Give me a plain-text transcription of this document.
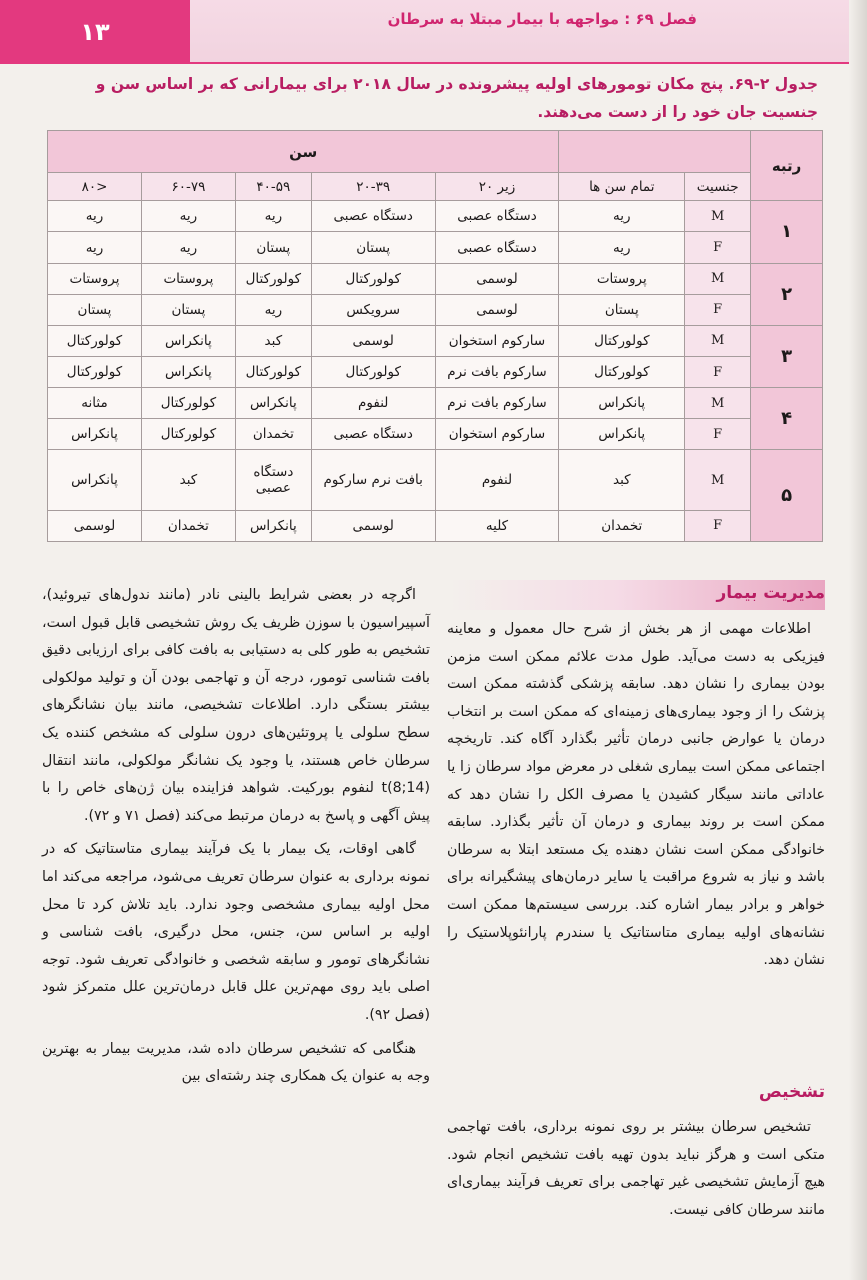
۱۳	فصل ۶۹ : مواجهه با بیمار مبتلا به سرطان
جدول ۲-۶۹. پنج مکان تومورهای اولیه پیشرونده در سال ۲۰۱۸ برای بیمارانی که بر اساس سن و جنسیت جان خود را از دست می‌دهند.
رتبه			سن				
	جنسیت	تمام سن ها	زیر ۲۰	۲۰-۳۹	۴۰-۵۹	۶۰-۷۹	<۸۰
۱	M	ریه	دستگاه عصبی	دستگاه عصبی	ریه	ریه	ریه
	F	ریه	دستگاه عصبی	پستان	پستان	ریه	ریه
۲	M	پروستات	لوسمی	کولورکتال	کولورکتال	پروستات	پروستات
	F	پستان	لوسمی	سرویکس	ریه	پستان	پستان
۳	M	کولورکتال	سارکوم استخوان	لوسمی	کبد	پانکراس	کولورکتال
	F	کولورکتال	سارکوم بافت نرم	کولورکتال	کولورکتال	پانکراس	کولورکتال
۴	M	پانکراس	سارکوم بافت نرم	لنفوم	پانکراس	کولورکتال	مثانه
	F	پانکراس	سارکوم استخوان	دستگاه عصبی	تخمدان	کولورکتال	پانکراس
۵	M	کبد	لنفوم	بافت نرم سارکوم	دستگاه عصبی	کبد	پانکراس
	F	تخمدان	کلیه	لوسمی	پانکراس	تخمدان	لوسمی
مدیریت بیمار

اطلاعات مهمی از هر بخش از شرح حال معمول و معاینه فیزیکی به دست می‌آید. طول مدت علائم ممکن است مزمن بودن بیماری را نشان دهد. سابقه پزشکی گذشته ممکن است پزشک را از وجود بیماری‌های زمینه‌ای که ممکن است بر انتخاب درمان یا عوارض جانبی درمان تأثیر بگذارد آگاه کند. تاریخچه اجتماعی ممکن است بیماری شغلی در معرض مواد سرطان زا یا عاداتی مانند سیگار کشیدن یا مصرف الکل را نشان دهد که ممکن است بر روند بیماری و درمان آن تأثیر بگذارد. سابقه خانوادگی ممکن است نشان دهنده یک مستعد ابتلا به سرطان باشد و نیاز به شروع مراقبت یا سایر درمان‌های پیشگیرانه برای خواهر و برادر بیمار اشاره کند. بررسی سیستم‌ها ممکن است نشانه‌های اولیه بیماری متاستاتیک یا سندرم پارانئوپلاستیک را نشان دهد.

تشخیص

تشخیص سرطان بیشتر بر روی نمونه برداری، بافت تهاجمی متکی است و هرگز نباید بدون تهیه بافت تشخیص انجام شود. هیچ آزمایش تشخیصی غیر تهاجمی برای تعریف فرآیند بیماری‌ای مانند سرطان کافی نیست.

اگرچه در بعضی شرایط بالینی نادر (مانند ندول‌های تیروئید)، آسپیراسیون با سوزن ظریف یک روش تشخیصی قابل قبول است، تشخیص به طور کلی به دستیابی به بافت کافی برای ارزیابی دقیق بافت شناسی تومور، درجه آن و تهاجمی بودن آن و تولید مولکولی بیشتر بستگی دارد. اطلاعات تشخیصی، مانند بیان نشانگرهای سطح سلولی یا پروتئین‌های درون سلولی که مشخص کننده یک سرطان خاص هستند، یا وجود یک نشانگر مولکولی، مانند انتقال t(8;14) لنفوم بورکیت. شواهد فزاینده بیان ژن‌های خاص را با پیش آگهی و پاسخ به درمان مرتبط می‌کند (فصل ۷۱ و ۷۲).

گاهی اوقات، یک بیمار با یک فرآیند بیماری متاستاتیک که در نمونه برداری به عنوان سرطان تعریف می‌شود، مراجعه می‌کند اما محل اولیه بیماری مشخصی وجود ندارد. باید تلاش کرد تا محل اولیه بر اساس سن، جنس، محل درگیری، بافت شناسی و نشانگرهای تومور و سابقه شخصی و خانوادگی تعریف شود. توجه اصلی باید روی مهم‌ترین علل قابل درمان‌ترین علل متمرکز شود (فصل ۹۲).

هنگامی که تشخیص سرطان داده شد، مدیریت بیمار به بهترین وجه به عنوان یک همکاری چند رشته‌ای بین
